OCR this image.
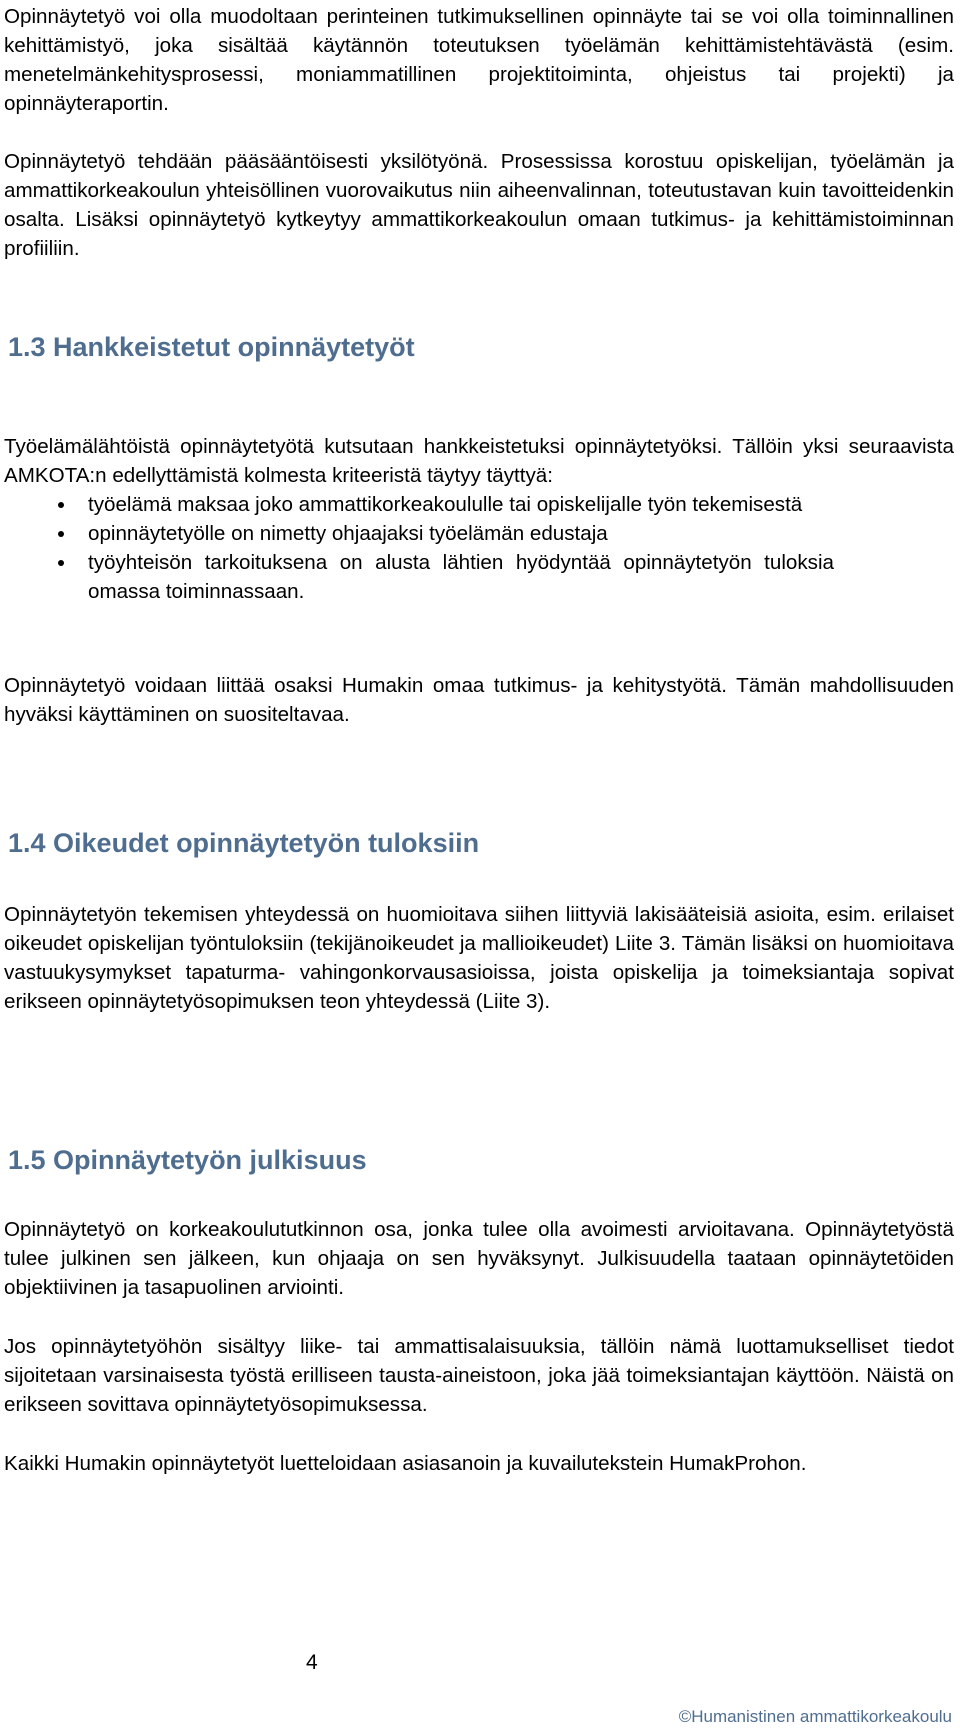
Opinnäytetyö voi olla muodoltaan perinteinen tutkimuksellinen opinnäyte tai se voi olla toiminnallinen kehittämistyö, joka sisältää käytännön toteutuksen työelämän kehittämistehtävästä (esim. menetelmänkehitysprosessi, moniammatillinen projektitoiminta, ohjeistus tai projekti) ja opinnäyteraportin.

Opinnäytetyö tehdään pääsääntöisesti yksilötyönä. Prosessissa korostuu opiskelijan, työelämän ja ammattikorkeakoulun yhteisöllinen vuorovaikutus niin aiheenvalinnan, toteutustavan kuin tavoitteidenkin osalta. Lisäksi opinnäytetyö kytkeytyy ammattikorkeakoulun omaan tutkimus- ja kehittämistoiminnan profiiliin.

1.3 Hankkeistetut opinnäytetyöt

Työelämälähtöistä opinnäytetyötä kutsutaan hankkeistetuksi opinnäytetyöksi. Tällöin yksi seuraavista AMKOTA:n edellyttämistä kolmesta kriteeristä täytyy täyttyä:

työelämä maksaa joko ammattikorkeakoululle tai opiskelijalle työn tekemisestä
opinnäytetyölle on nimetty ohjaajaksi työelämän edustaja
työyhteisön tarkoituksena on alusta lähtien hyödyntää opinnäytetyön tuloksia omassa toiminnassaan.

Opinnäytetyö voidaan liittää osaksi Humakin omaa tutkimus- ja kehitystyötä. Tämän mahdollisuuden hyväksi käyttäminen on suositeltavaa.

1.4 Oikeudet opinnäytetyön tuloksiin

Opinnäytetyön tekemisen yhteydessä on huomioitava siihen liittyviä lakisääteisiä asioita, esim. erilaiset oikeudet opiskelijan työntuloksiin (tekijänoikeudet ja mallioikeudet) Liite 3. Tämän lisäksi on huomioitava vastuukysymykset tapaturma- vahingonkorvausasioissa, joista opiskelija ja toimeksiantaja sopivat erikseen opinnäytetyösopimuksen teon yhteydessä (Liite 3).

1.5 Opinnäytetyön julkisuus

Opinnäytetyö on korkeakoulututkinnon osa, jonka tulee olla avoimesti arvioitavana. Opinnäytetyöstä tulee julkinen sen jälkeen, kun ohjaaja on sen hyväksynyt. Julkisuudella taataan opinnäytetöiden objektiivinen ja tasapuolinen arviointi.

Jos opinnäytetyöhön sisältyy liike- tai ammattisalaisuuksia, tällöin nämä luottamukselliset tiedot sijoitetaan varsinaisesta työstä erilliseen tausta-aineistoon, joka jää toimeksiantajan käyttöön. Näistä on erikseen sovittava opinnäytetyösopimuksessa.

Kaikki Humakin opinnäytetyöt luetteloidaan asiasanoin ja kuvailutekstein HumakProhon.

4
©Humanistinen ammattikorkeakoulu
